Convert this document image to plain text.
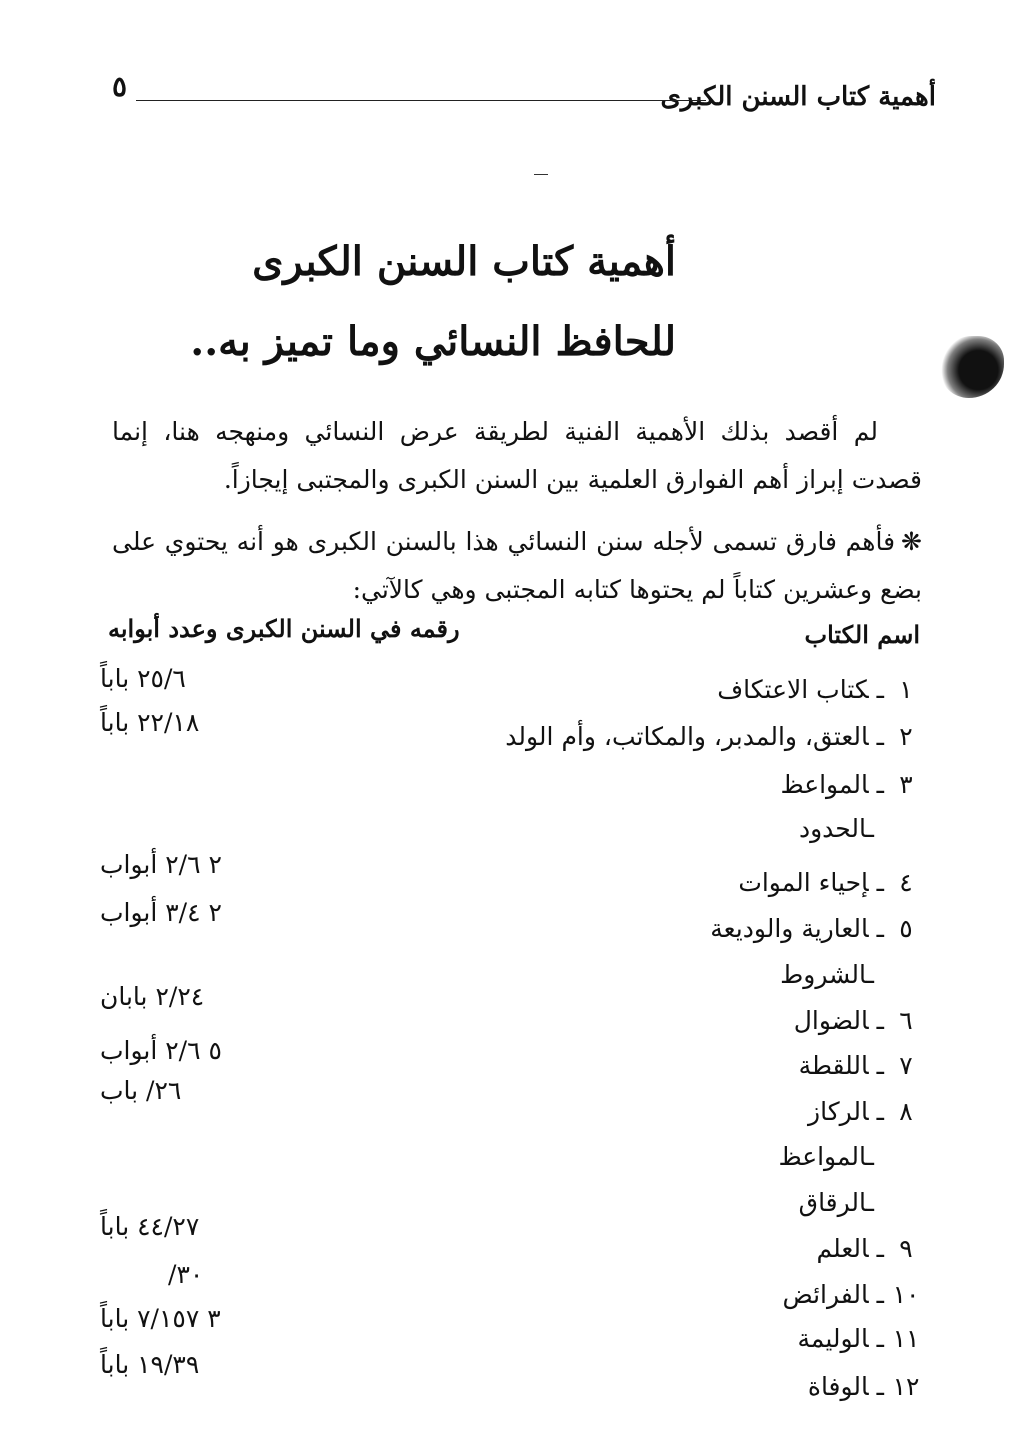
أهمية كتاب السنن الكبرى
٥
أهمية كتاب السنن الكبرى
للحافظ النسائي وما تميز به..

لم أقصد بذلك الأهمية الفنية لطريقة عرض النسائي ومنهجه هنا، إنما قصدت إبراز أهم الفوارق العلمية بين السنن الكبرى والمجتبى إيجازاً.

❋فأهم فارق تسمى لأجله سنن النسائي هذا بالسنن الكبرى هو أنه يحتوي على بضع وعشرين كتاباً لم يحتوها كتابه المجتبى وهي كالآتي:

اسم الكتاب
رقمه في السنن الكبرى وعدد أبوابه
١ـكتاب الاعتكاف
٢ـالعتق، والمدبر، والمكاتب، وأم الولد
٣ـالمواعظ
ـالحدود
٤ـإحياء الموات
٥ـالعارية والوديعة
ـالشروط
٦ـالضوال
٧ـاللقطة
٨ـالركاز
ـالمواعظ
ـالرقاق
٩ـالعلم
١٠ـالفرائض
١١ـالوليمة
١٢ـالوفاة
٢٥/٦ باباً
٢٢/١٨ باباً
٢ ٢/٦ أبواب
٢ ٣/٤ أبواب
٢/٢٤ بابان
٥ ٢/٦ أبواب
٢٦/ باب
٤٤/٢٧ باباً
٣٠/
٣ ٧/١٥٧ باباً
١٩/٣٩ باباً
